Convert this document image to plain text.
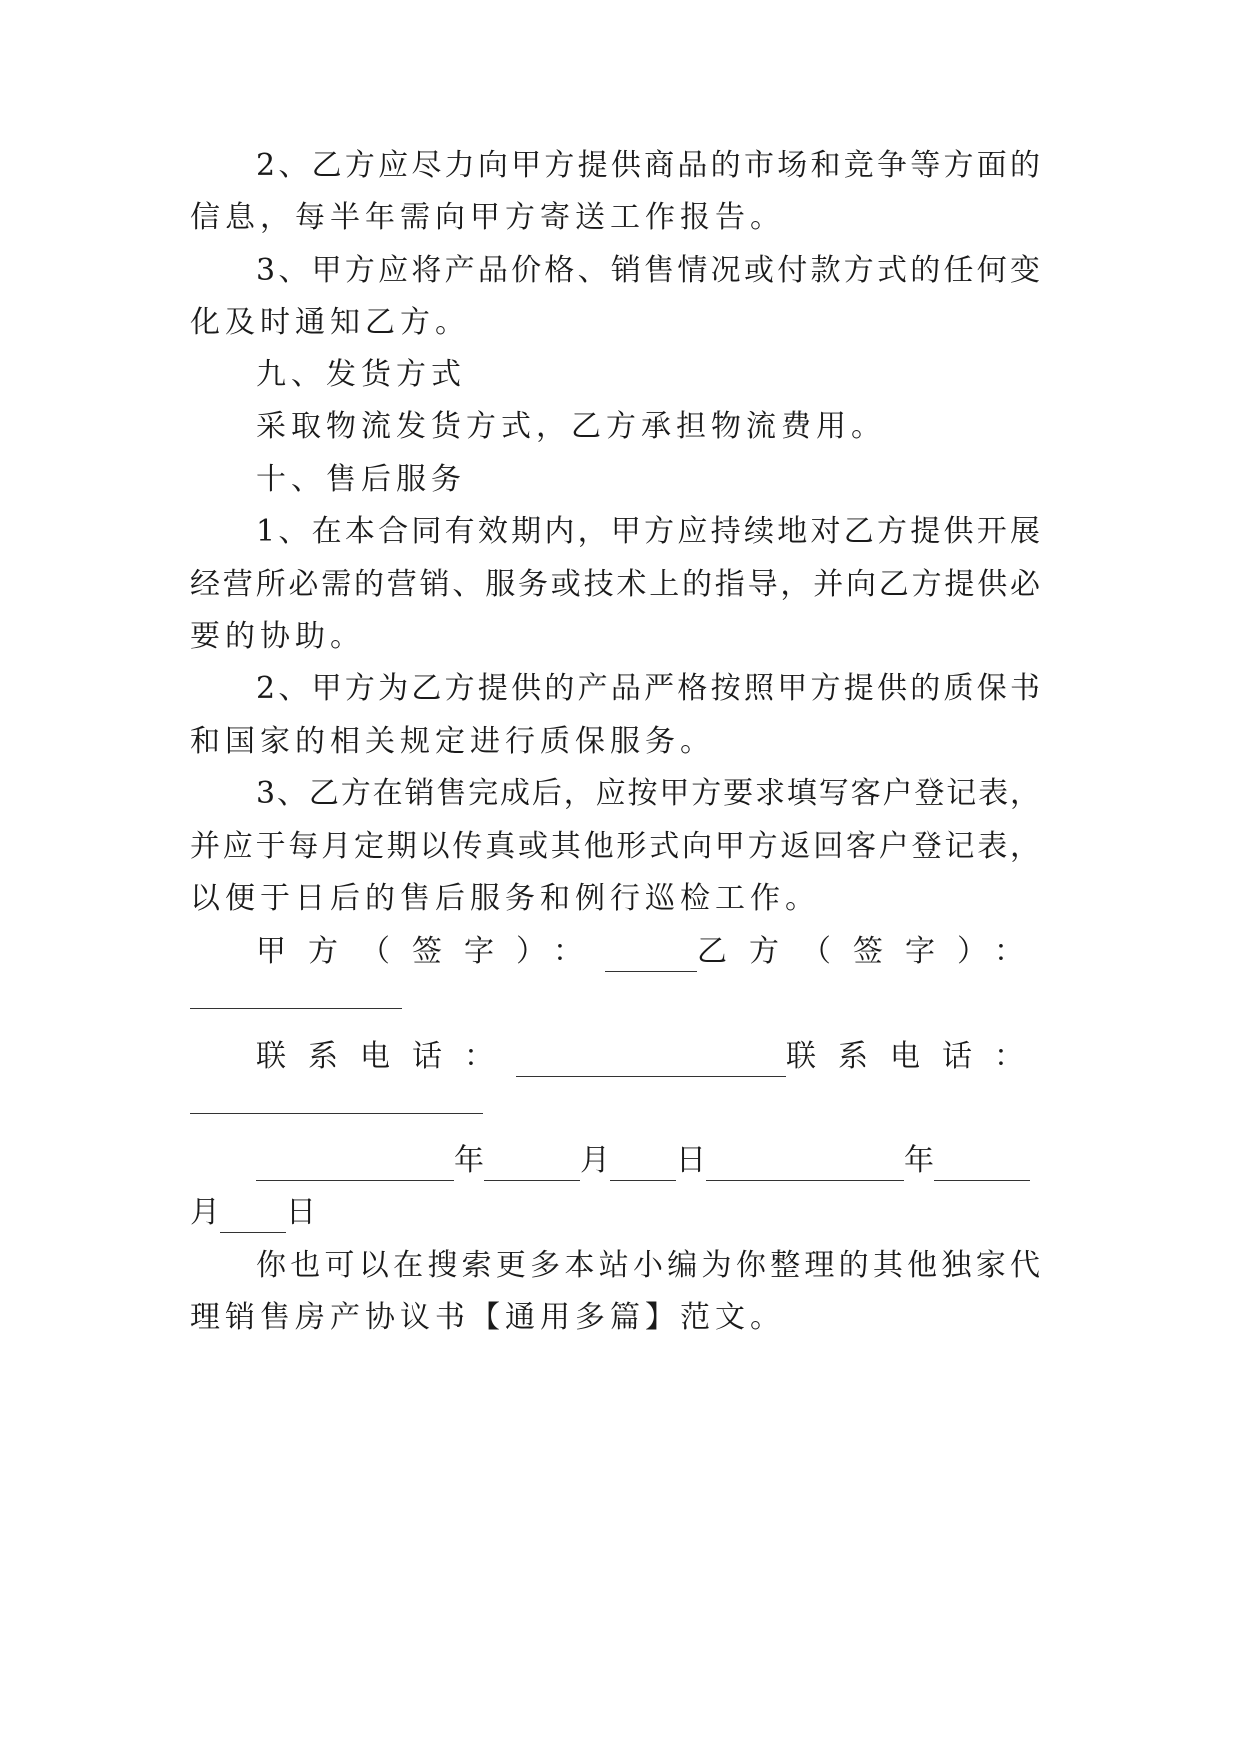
2、乙方应尽力向甲方提供商品的市场和竞争等方面的
信息，每半年需向甲方寄送工作报告。
3、甲方应将产品价格、销售情况或付款方式的任何变
化及时通知乙方。
九、发货方式
采取物流发货方式，乙方承担物流费用。
十、售后服务
1、在本合同有效期内，甲方应持续地对乙方提供开展
经营所必需的营销、服务或技术上的指导，并向乙方提供必
要的协助。
2、甲方为乙方提供的产品严格按照甲方提供的质保书
和国家的相关规定进行质保服务。
3、乙方在销售完成后，应按甲方要求填写客户登记表，
并应于每月定期以传真或其他形式向甲方返回客户登记表，
以便于日后的售后服务和例行巡检工作。
甲方（签字）：	乙方（签字）：
联系电话：	联系电话：
年	月 日	年
月 日
你也可以在搜索更多本站小编为你整理的其他独家代
理销售房产协议书【通用多篇】范文。
